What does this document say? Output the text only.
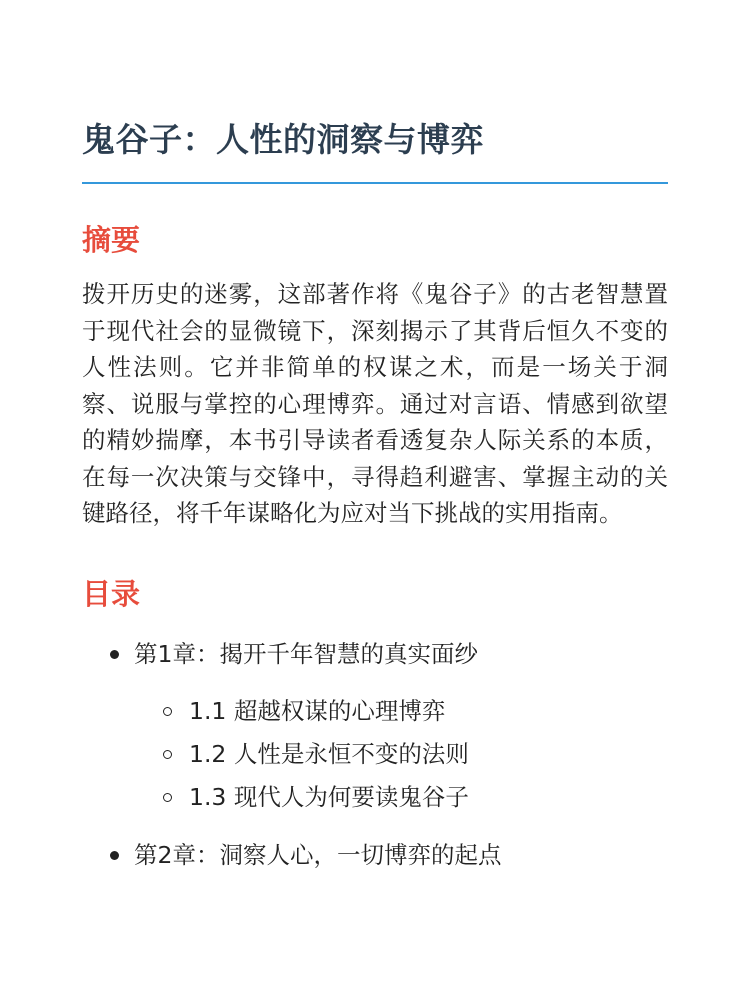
鬼谷子：人性的洞察与博弈
摘要

拨开历史的迷雾，这部著作将《鬼谷子》的古老智慧置于现代社会的显微镜下，深刻揭示了其背后恒久不变的人性法则。它并非简单的权谋之术，而是一场关于洞察、说服与掌控的心理博弈。通过对言语、情感到欲望的精妙揣摩，本书引导读者看透复杂人际关系的本质，在每一次决策与交锋中，寻得趋利避害、掌握主动的关键路径，将千年谋略化为应对当下挑战的实用指南。

目录
第1章：揭开千年智慧的真实面纱
1.1 超越权谋的心理博弈
1.2 人性是永恒不变的法则
1.3 现代人为何要读鬼谷子
第2章：洞察人心，一切博弈的起点
